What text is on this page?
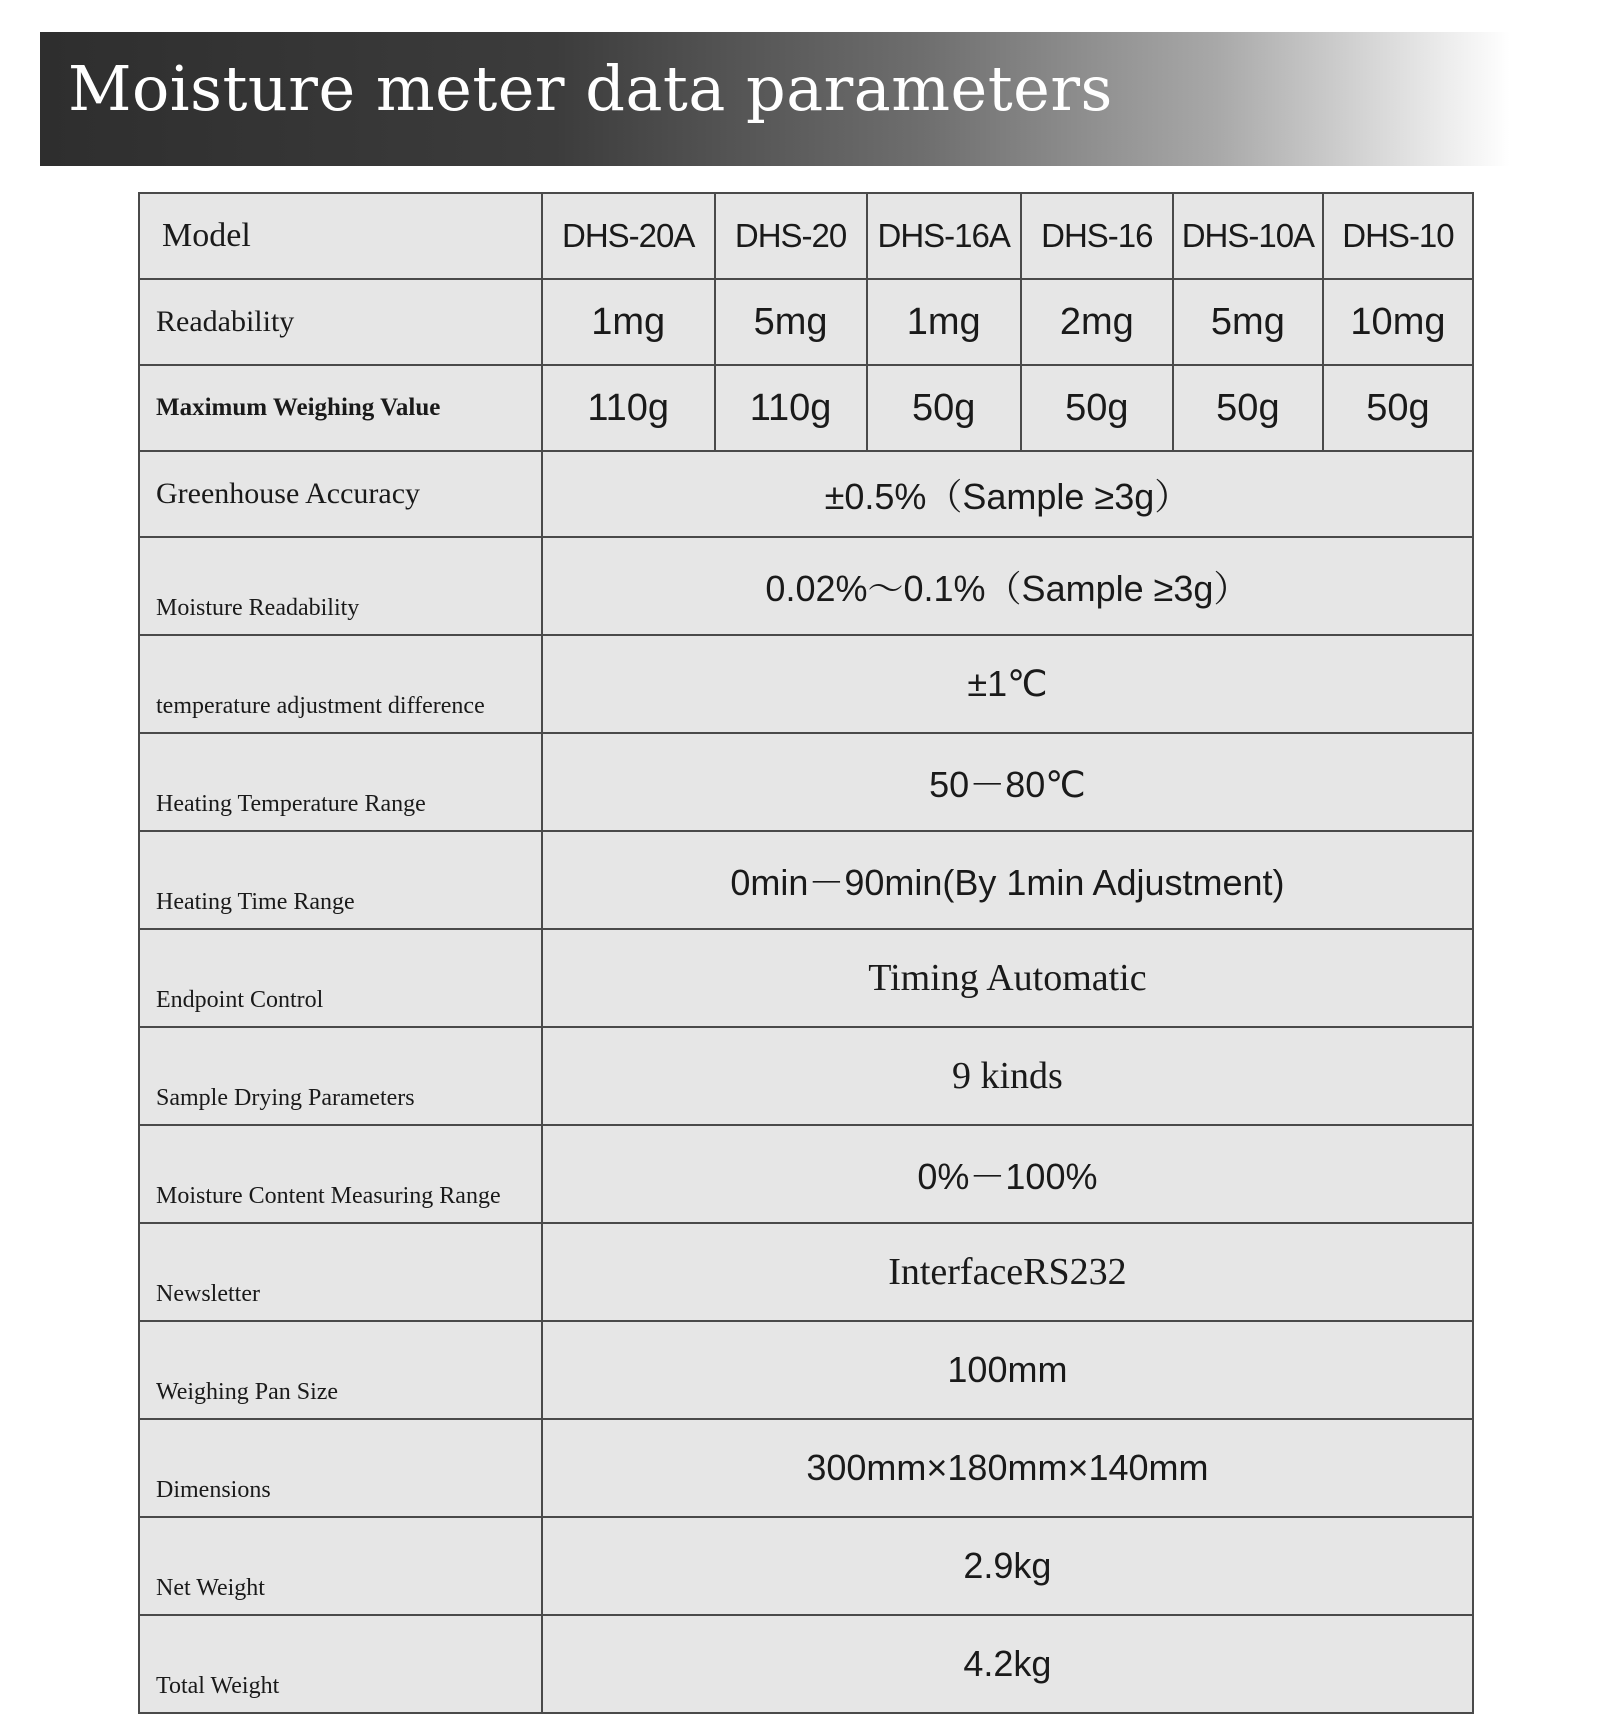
Moisture meter data parameters
Model	DHS-20A	DHS-20	DHS-16A	DHS-16	DHS-10A	DHS-10
Readability	1mg	5mg	1mg	2mg	5mg	10mg
Maximum Weighing Value	110g	110g	50g	50g	50g	50g
Greenhouse Accuracy	±0.5%（Sample ≥3g）					
Moisture Readability	0.02%～0.1%（Sample ≥3g）					
temperature adjustment difference	±1℃					
Heating Temperature Range	50－80℃					
Heating Time Range	0min－90min(By 1min Adjustment)					
Endpoint Control	Timing Automatic					
Sample Drying Parameters	9 kinds					
Moisture Content Measuring Range	0%－100%					
Newsletter	InterfaceRS232					
Weighing Pan Size	100mm					
Dimensions	300mm×180mm×140mm					
Net Weight	2.9kg					
Total Weight	4.2kg					
